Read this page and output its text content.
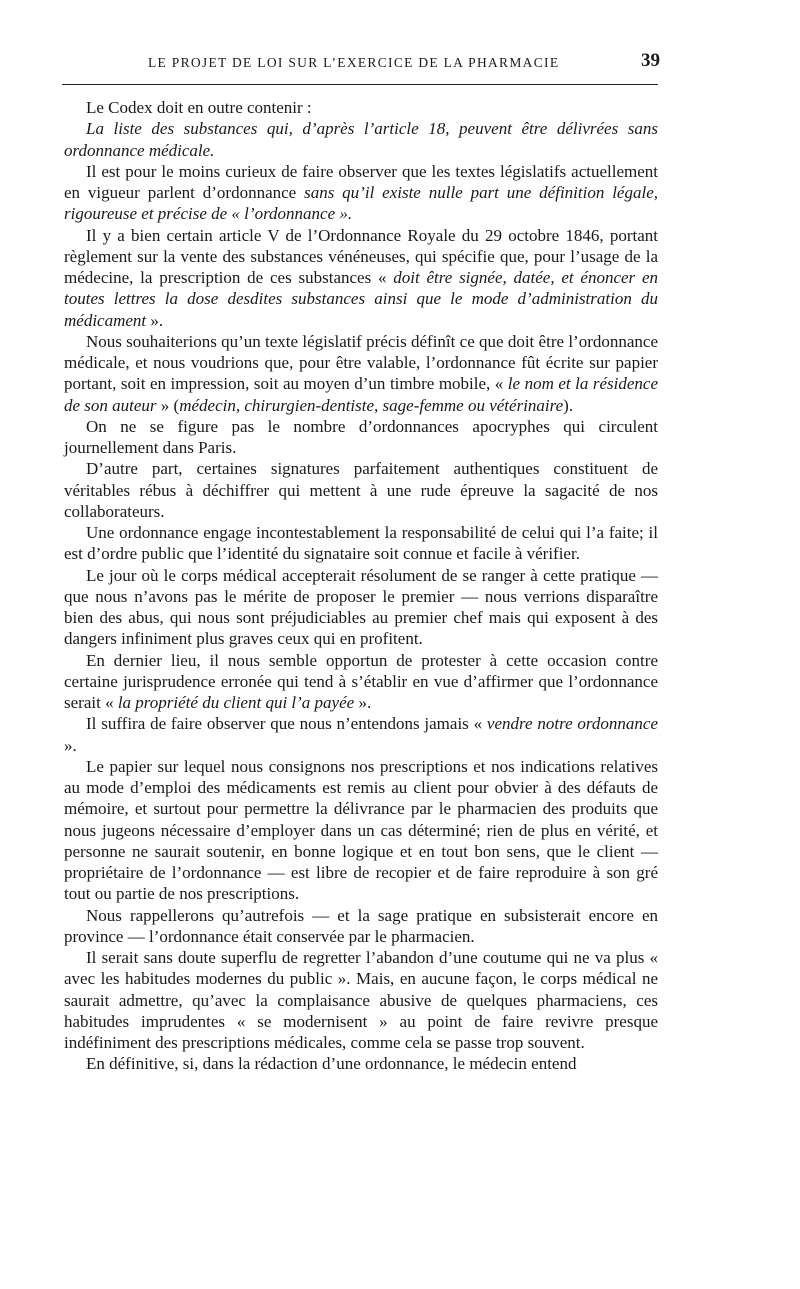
LE PROJET DE LOI SUR L’EXERCICE DE LA PHARMACIE	39

Le Codex doit en outre contenir :

La liste des substances qui, d’après l’article 18, peuvent être délivrées sans ordonnance médicale.

Il est pour le moins curieux de faire observer que les textes législatifs actuellement en vigueur parlent d’ordonnance sans qu’il existe nulle part une définition légale, rigoureuse et précise de « l’ordonnance ».

Il y a bien certain article V de l’Ordonnance Royale du 29 octobre 1846, portant règlement sur la vente des substances vénéneuses, qui spécifie que, pour l’usage de la médecine, la prescription de ces substances « doit être signée, datée, et énoncer en toutes lettres la dose desdites substances ainsi que le mode d’administration du médicament ».

Nous souhaiterions qu’un texte législatif précis définît ce que doit être l’ordonnance médicale, et nous voudrions que, pour être valable, l’ordonnance fût écrite sur papier portant, soit en impression, soit au moyen d’un timbre mobile, « le nom et la résidence de son auteur » (médecin, chirurgien-dentiste, sage-femme ou vétérinaire).

On ne se figure pas le nombre d’ordonnances apocryphes qui circulent journellement dans Paris.

D’autre part, certaines signatures parfaitement authentiques constituent de véritables rébus à déchiffrer qui mettent à une rude épreuve la sagacité de nos collaborateurs.

Une ordonnance engage incontestablement la responsabilité de celui qui l’a faite; il est d’ordre public que l’identité du signataire soit connue et facile à vérifier.

Le jour où le corps médical accepterait résolument de se ranger à cette pratique — que nous n’avons pas le mérite de proposer le premier — nous verrions disparaître bien des abus, qui nous sont préjudiciables au premier chef mais qui exposent à des dangers infiniment plus graves ceux qui en profitent.

En dernier lieu, il nous semble opportun de protester à cette occasion contre certaine jurisprudence erronée qui tend à s’établir en vue d’affirmer que l’ordonnance serait « la propriété du client qui l’a payée ».

Il suffira de faire observer que nous n’entendons jamais « vendre notre ordonnance ».

Le papier sur lequel nous consignons nos prescriptions et nos indications relatives au mode d’emploi des médicaments est remis au client pour obvier à des défauts de mémoire, et surtout pour permettre la délivrance par le pharmacien des produits que nous jugeons nécessaire d’employer dans un cas déterminé; rien de plus en vérité, et personne ne saurait soutenir, en bonne logique et en tout bon sens, que le client — propriétaire de l’ordonnance — est libre de recopier et de faire reproduire à son gré tout ou partie de nos prescriptions.

Nous rappellerons qu’autrefois — et la sage pratique en subsisterait encore en province — l’ordonnance était conservée par le pharmacien.

Il serait sans doute superflu de regretter l’abandon d’une coutume qui ne va plus « avec les habitudes modernes du public ». Mais, en aucune façon, le corps médical ne saurait admettre, qu’avec la complaisance abusive de quelques pharmaciens, ces habitudes imprudentes « se modernisent » au point de faire revivre presque indéfiniment des prescriptions médicales, comme cela se passe trop souvent.

En définitive, si, dans la rédaction d’une ordonnance, le médecin entend
